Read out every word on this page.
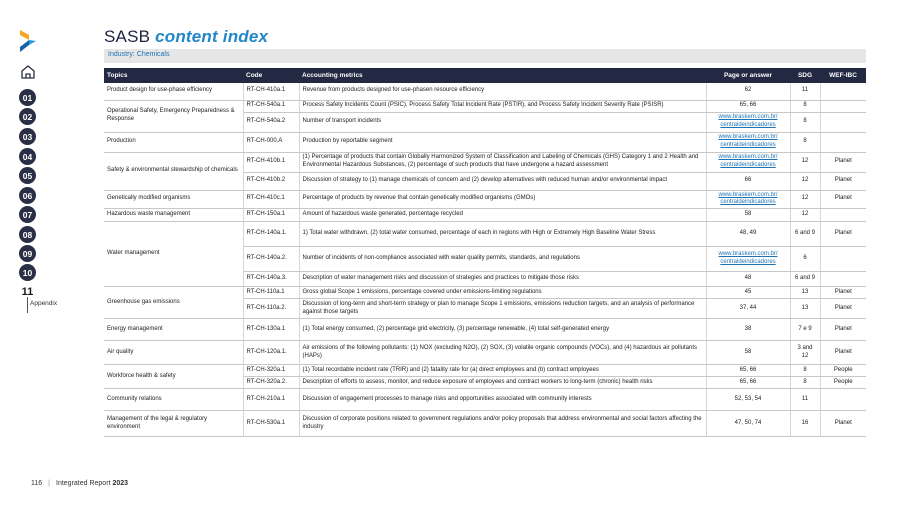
01
02
03
04
05
06
07
08
09
10
11
Appendix
SASB content index
Industry: Chemicals
Topics	Code	Accounting metrics	Page or answer	SDG	WEF-IBC
Product design for use-phase efficiency	RT-CH-410a.1	Revenue from products designed for use-phasen resource efficiency	62	11	
Operational Safety, Emergency Preparedness & Response	RT-CH-540a.1	Process Safety Incidents Count (PSIC), Process Safety Total Incident Rate (PSTIR), and Process Safety Incident Severity Rate (PSISR)	65, 66	8	
	RT-CH-540a.2	Number of transport incidents	www.braskem.com.br/ centraldeindicadores	8	
Production	RT-CH-000.A	Production by reportable segment	www.braskem.com.br/ centraldeindicadores	8	
Safety & environmental stewardship of chemicals	RT-CH-410b.1	(1) Percentage of products that contain Globally Harmonized System of Classification and Labeling of Chemicals (GHS) Category 1 and 2 Health and Environmental Hazardous Substances, (2) percentage of such products that have undergone a hazard assessment	www.braskem.com.br/ centraldeindicadores	12	Planet
	RT-CH-410b.2	Discussion of strategy to (1) manage chemicals of concern and (2) develop alternatives with reduced human and/or environmental impact	66	12	Planet
Genetically modified organisms	RT-CH-410c.1	Percentage of products by revenue that contain genetically modified organisms (GMOs)	www.braskem.com.br/ centraldeindicadores	12	Planet
Hazardous waste management	RT-CH-150a.1	Amount of hazardous waste generated, percentage recycled	58	12	
Water management	RT-CH-140a.1.	1) Total water withdrawn, (2) total water consumed, percentage of each in regions with High or Extremely High Baseline Water Stress	48, 49	6 and 9	Planet
	RT-CH-140a.2.	Number of incidents of non-compliance associated with water quality permits, standards, and regulations	www.braskem.com.br/ centraldeindicadores	6	
	RT-CH-140a.3.	Description of water management risks and discussion of strategies and practices to mitigate those risks	48	6 and 9	
Greenhouse gas emissions	RT-CH-110a.1	Gross global Scope 1 emissions, percentage covered under emissions-limiting regulations	45	13	Planet
	RT-CH-110a.2.	Discussion of long-term and short-term strategy or plan to manage Scope 1 emissions, emissions reduction targets, and an analysis of performance against those targets	37, 44	13	Planet
Energy management	RT-CH-130a.1	(1) Total energy consumed, (2) percentage grid electricity, (3) percentage renewable, (4) total self-generated energy	38	7 e 9	Planet
Air quality	RT-CH-120a.1.	Air emissions of the following pollutants: (1) NOX (excluding N2O), (2) SOX, (3) volatile organic compounds (VOCs), and (4) hazardous air pollutants (HAPs)	58	3 and 12	Planet
Workforce health & safety	RT-CH-320a.1	(1) Total recordable incident rate (TRIR) and (2) fatality rate for (a) direct employees and (b) contract employees	65, 66	8	People
	RT-CH-320a.2.	Description of efforts to assess, monitor, and reduce exposure of employees and contract workers to long-term (chronic) health risks	65, 66	8	People
Community relations	RT-CH-210a.1	Discussion of engagement processes to manage risks and opportunities associated with community interests	52, 53, 54	11	
Management of the legal & regulatory environment	RT-CH-530a.1	Discussion of corporate positions related to government regulations and/or policy proposals that address environmental and social factors affecting the industry	47, 50, 74	16	Planet
116 | Integrated Report 2023
